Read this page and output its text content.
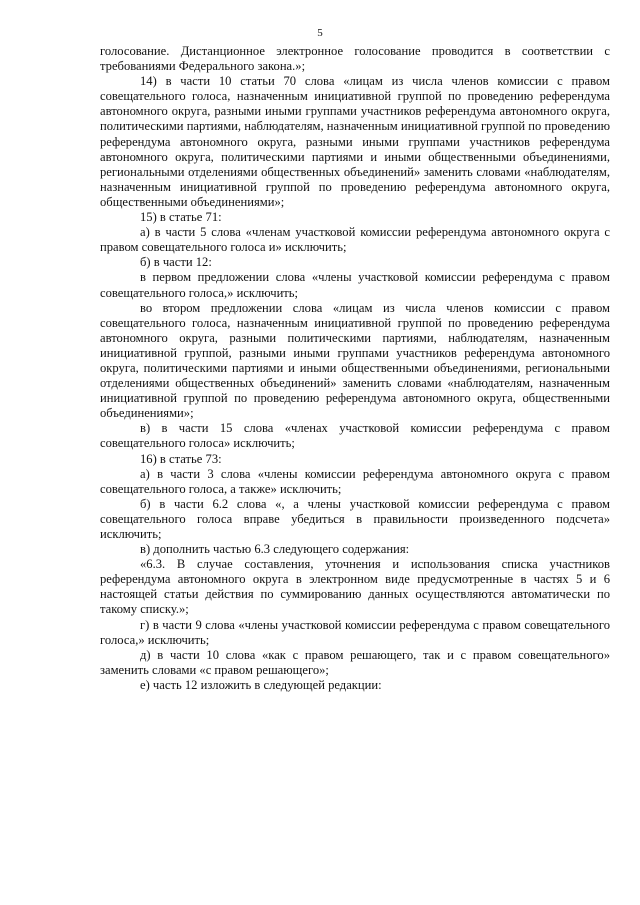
5

голосование. Дистанционное электронное голосование проводится в соответствии с требованиями Федерального закона.»;

14) в части 10 статьи 70 слова «лицам из числа членов комиссии с правом совещательного голоса, назначенным инициативной группой по проведению референдума автономного округа, разными иными группами участников референдума автономного округа, политическими партиями, наблюдателям, назначенным инициативной группой по проведению референдума автономного округа, разными иными группами участников референдума автономного округа, политическими партиями и иными общественными объединениями, региональными отделениями общественных объединений» заменить словами «наблюдателям, назначенным инициативной группой по проведению референдума автономного округа, общественными объединениями»;

15) в статье 71:

а) в части 5 слова «членам участковой комиссии референдума автономного округа с правом совещательного голоса и» исключить;

б) в части 12:

в первом предложении слова «члены участковой комиссии референдума с правом совещательного голоса,» исключить;

во втором предложении слова «лицам из числа членов комиссии с правом совещательного голоса, назначенным инициативной группой по проведению референдума автономного округа, разными политическими партиями, наблюдателям, назначенным инициативной группой, разными иными группами участников референдума автономного округа, политическими партиями и иными общественными объединениями, региональными отделениями общественных объединений» заменить словами «наблюдателям, назначенным инициативной группой по проведению референдума автономного округа, общественными объединениями»;

в) в части 15 слова «членах участковой комиссии референдума с правом совещательного голоса» исключить;

16) в статье 73:

а) в части 3 слова «члены комиссии референдума автономного округа с правом совещательного голоса, а также» исключить;

б) в части 6.2 слова «, а члены участковой комиссии референдума с правом совещательного голоса вправе убедиться в правильности произведенного подсчета» исключить;

в) дополнить частью 6.3 следующего содержания:

«6.3. В случае составления, уточнения и использования списка участников референдума автономного округа в электронном виде предусмотренные в частях 5 и 6 настоящей статьи действия по суммированию данных осуществляются автоматически по такому списку.»;

г) в части 9 слова «члены участковой комиссии референдума с правом совещательного голоса,» исключить;

д) в части 10 слова «как с правом решающего, так и с правом совещательного» заменить словами «с правом решающего»;

е) часть 12 изложить в следующей редакции:
